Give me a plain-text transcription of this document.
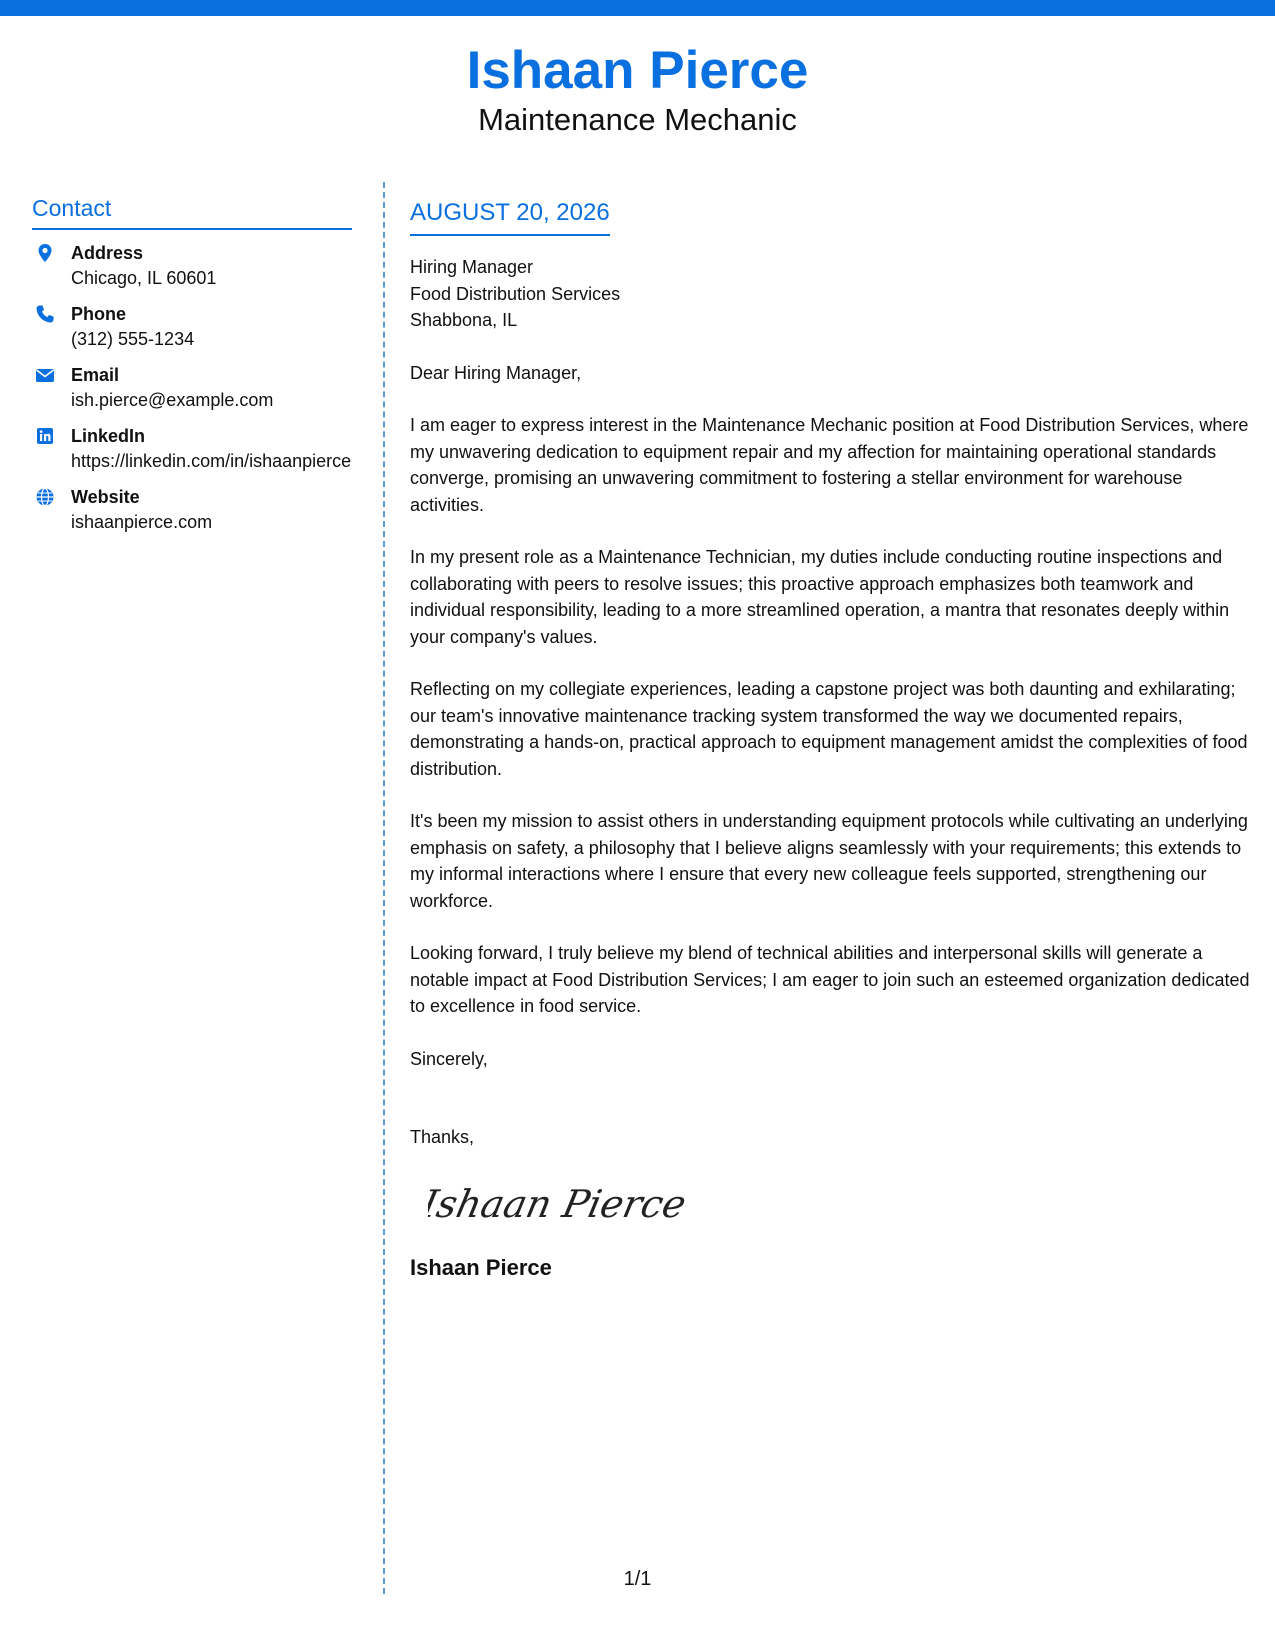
Ishaan Pierce
Maintenance Mechanic
Contact
Address
Chicago, IL 60601
Phone
(312) 555-1234
Email
ish.pierce@example.com
LinkedIn
https://linkedin.com/in/ishaanpierce
Website
ishaanpierce.com
AUGUST 20, 2026
Hiring Manager
Food Distribution Services
Shabbona, IL

Dear Hiring Manager,

I am eager to express interest in the Maintenance Mechanic position at Food Distribution Services, where my unwavering dedication to equipment repair and my affection for maintaining operational standards converge, promising an unwavering commitment to fostering a stellar environment for warehouse activities.

In my present role as a Maintenance Technician, my duties include conducting routine inspections and collaborating with peers to resolve issues; this proactive approach emphasizes both teamwork and individual responsibility, leading to a more streamlined operation, a mantra that resonates deeply within your company's values.

Reflecting on my collegiate experiences, leading a capstone project was both daunting and exhilarating; our team's innovative maintenance tracking system transformed the way we documented repairs, demonstrating a hands-on, practical approach to equipment management amidst the complexities of food distribution.

It's been my mission to assist others in understanding equipment protocols while cultivating an underlying emphasis on safety, a philosophy that I believe aligns seamlessly with your requirements; this extends to my informal interactions where I ensure that every new colleague feels supported, strengthening our workforce.

Looking forward, I truly believe my blend of technical abilities and interpersonal skills will generate a notable impact at Food Distribution Services; I am eager to join such an esteemed organization dedicated to excellence in food service.

Sincerely,

Thanks,

Ishaan Pierce
Ishaan Pierce
1/1
